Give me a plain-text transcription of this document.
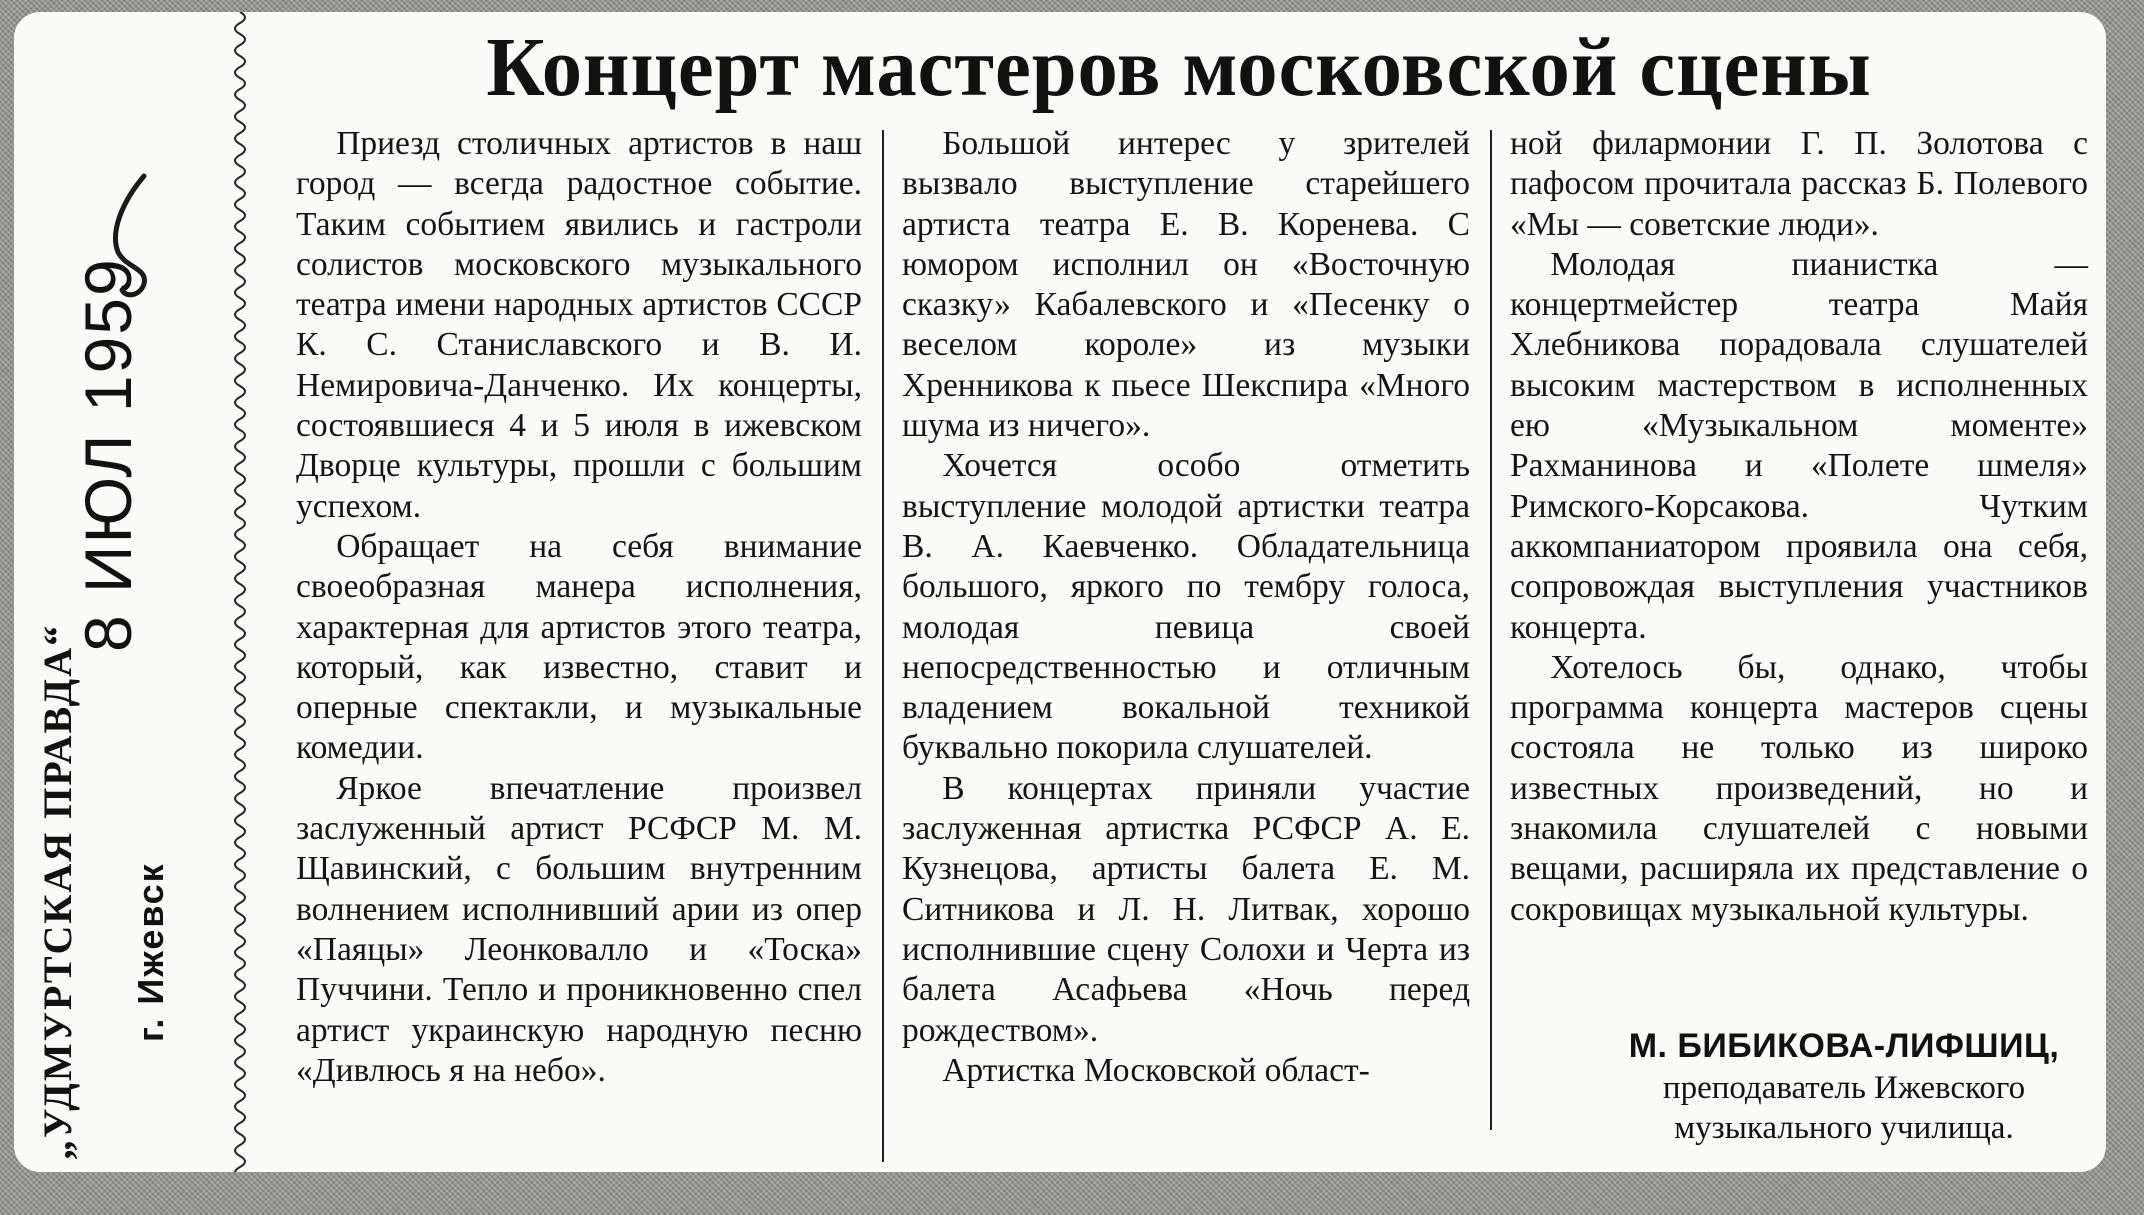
„УДМУРТСКАЯ ПРАВДА“ г. Ижевск
8 ИЮЛ 1959
Концерт мастеров московской сцены

Приезд столичных артистов в наш город — всегда радостное событие. Таким событием явились и гастроли солистов московского музыкального театра имени народных артистов СССР К. С. Станиславского и В. И. Немировича-Данченко. Их концерты, состоявшиеся 4 и 5 июля в ижевском Дворце культуры, прошли с большим успехом.

Обращает на себя внимание своеобразная манера исполнения, характерная для артистов этого театра, который, как известно, ставит и оперные спектакли, и музыкальные комедии.

Яркое впечатление произвел заслуженный артист РСФСР М. М. Щавинский, с большим внутренним волнением исполнивший арии из опер «Паяцы» Леонковалло и «Тоска» Пуччини. Тепло и проникновенно спел артист украинскую народную песню «Дивлюсь я на небо».

Большой интерес у зрителей вызвало выступление старейшего артиста театра Е. В. Коренева. С юмором исполнил он «Восточную сказку» Кабалевского и «Песенку о веселом короле» из музыки Хренникова к пьесе Шекспира «Много шума из ничего».

Хочется особо отметить выступление молодой артистки театра В. А. Каевченко. Обладательница большого, яркого по тембру голоса, молодая певица своей непосредственностью и отличным владением вокальной техникой буквально покорила слушателей.

В концертах приняли участие заслуженная артистка РСФСР А. Е. Кузнецова, артисты балета Е. М. Ситникова и Л. Н. Литвак, хорошо исполнившие сцену Солохи и Черта из балета Асафьева «Ночь перед рождеством».

Артистка Московской област-

ной филармонии Г. П. Золотова с пафосом прочитала рассказ Б. Полевого «Мы — советские люди».

Молодая пианистка — концертмейстер театра Майя Хлебникова порадовала слушателей высоким мастерством в исполненных ею «Музыкальном моменте» Рахманинова и «Полете шмеля» Римского-Корсакова. Чутким аккомпаниатором проявила она себя, сопровождая выступления участников концерта.

Хотелось бы, однако, чтобы программа концерта мастеров сцены состояла не только из широко известных произведений, но и знакомила слушателей с новыми вещами, расширяла их представление о сокровищах музыкальной культуры.

М. БИБИКОВА-ЛИФШИЦ,
преподаватель Ижевского
музыкального училища.
